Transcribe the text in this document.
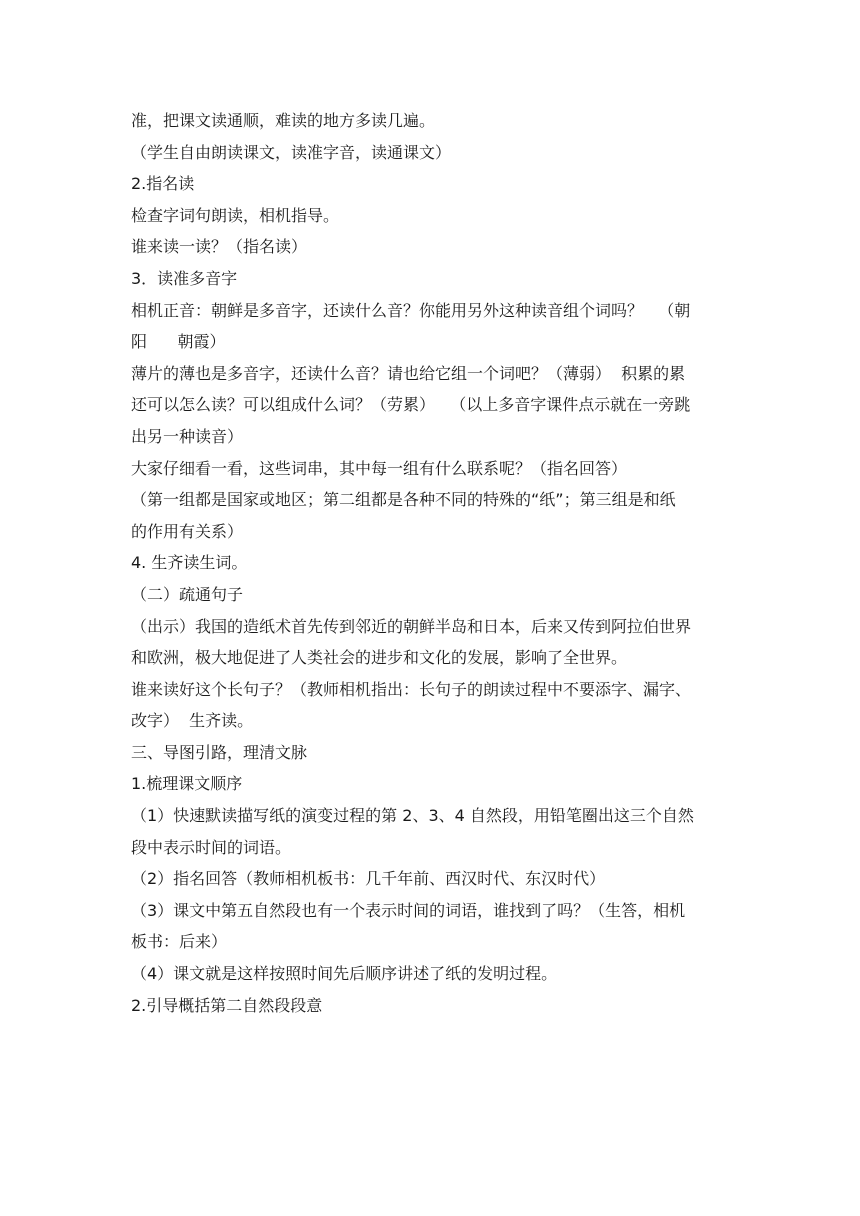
准，把课文读通顺，难读的地方多读几遍。

（学生自由朗读课文，读准字音，读通课文）

2.指名读

检查字词句朗读，相机指导。

谁来读一读？（指名读）

3．读准多音字

相机正音：朝鲜是多音字，还读什么音？你能用另外这种读音组个词吗？   （朝

阳      朝霞）

薄片的薄也是多音字，还读什么音？请也给它组一个词吧？（薄弱）  积累的累

还可以怎么读？可以组成什么词？（劳累）   （以上多音字课件点示就在一旁跳

出另一种读音）

大家仔细看一看，这些词串，其中每一组有什么联系呢？（指名回答）

（第一组都是国家或地区；第二组都是各种不同的特殊的“纸”；第三组是和纸

的作用有关系）

4. 生齐读生词。

（二）疏通句子

（出示）我国的造纸术首先传到邻近的朝鲜半岛和日本，后来又传到阿拉伯世界

和欧洲，极大地促进了人类社会的进步和文化的发展，影响了全世界。

谁来读好这个长句子？（教师相机指出：长句子的朗读过程中不要添字、漏字、

改字）  生齐读。

三、导图引路，理清文脉

1.梳理课文顺序

（1）快速默读描写纸的演变过程的第 2、3、4 自然段，用铅笔圈出这三个自然

段中表示时间的词语。

（2）指名回答（教师相机板书：几千年前、西汉时代、东汉时代）

（3）课文中第五自然段也有一个表示时间的词语，谁找到了吗？（生答，相机

板书：后来）

（4）课文就是这样按照时间先后顺序讲述了纸的发明过程。

2.引导概括第二自然段段意
